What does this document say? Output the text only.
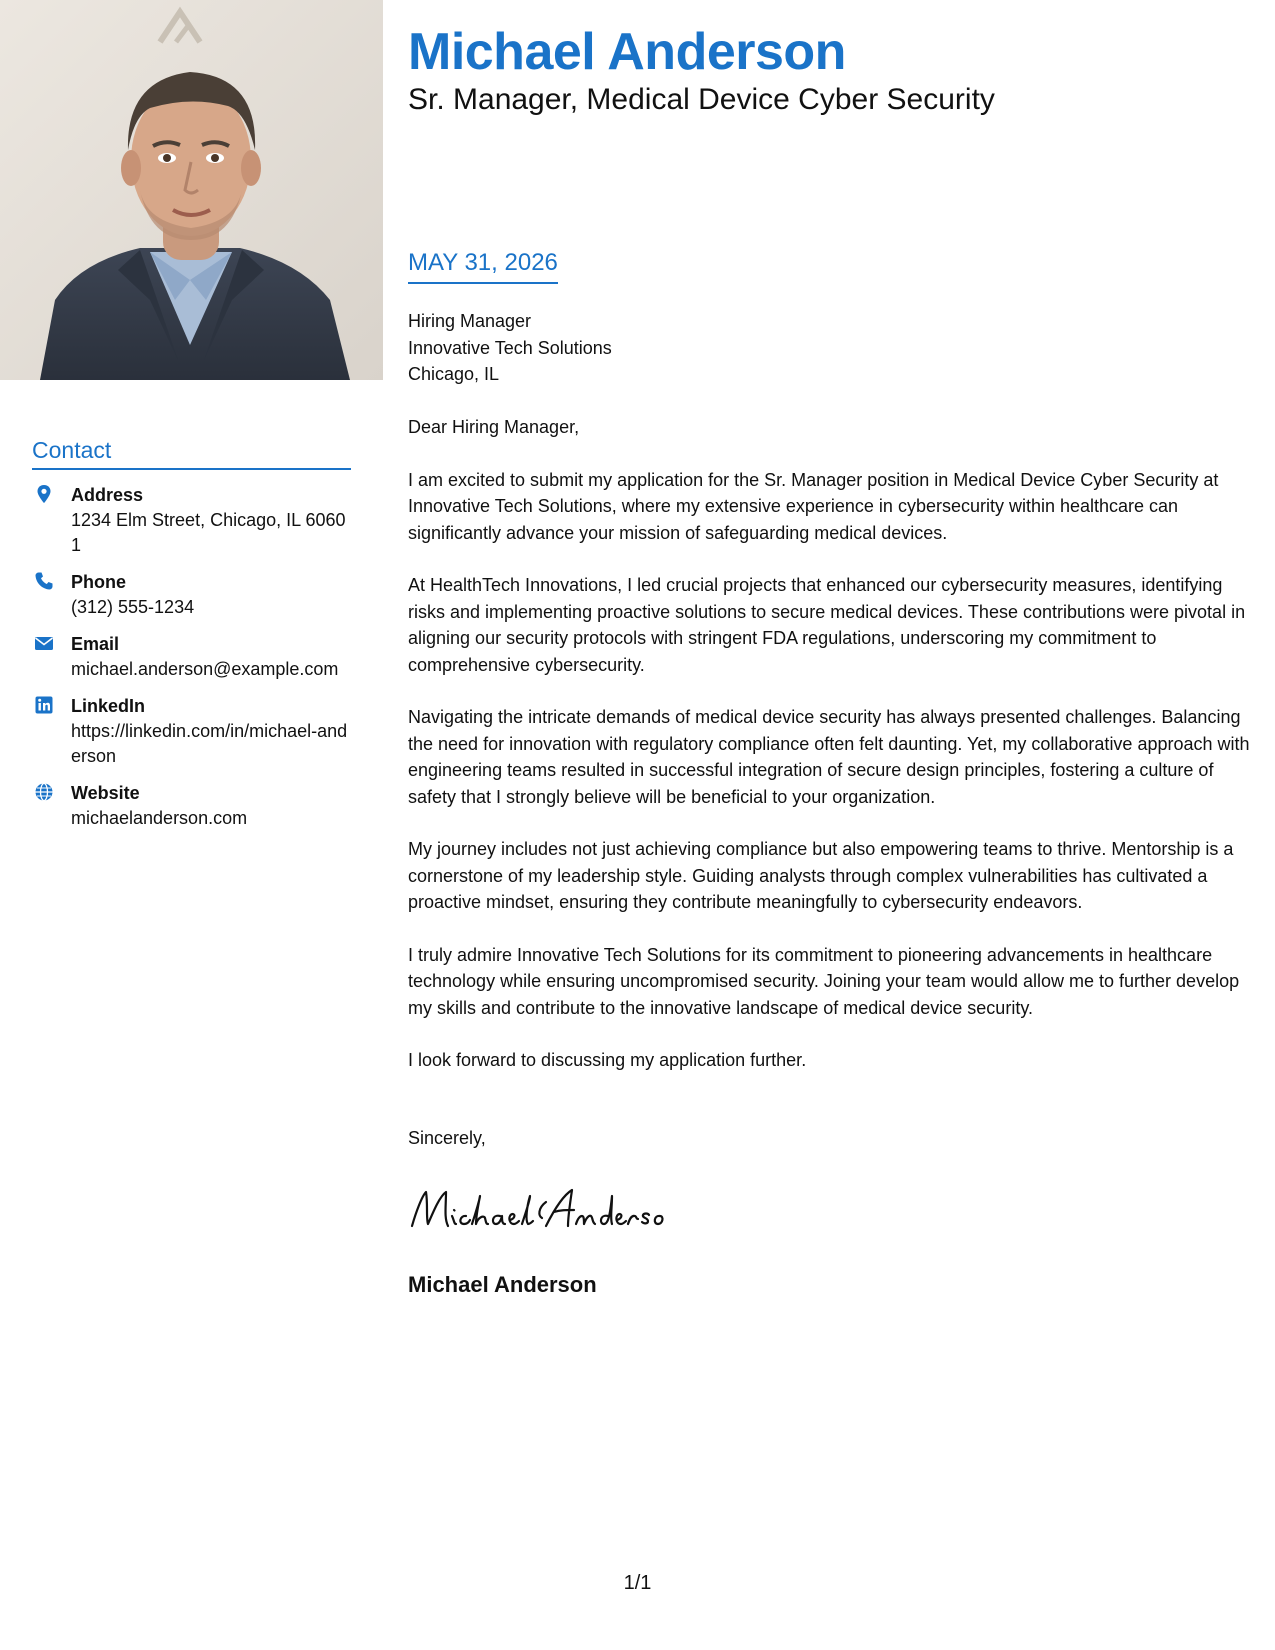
Michael Anderson
Sr. Manager, Medical Device Cyber Security
Contact
Address
1234 Elm Street, Chicago, IL 60601
Phone
(312) 555-1234
Email
michael.anderson@example.com
LinkedIn
https://linkedin.com/in/michael-anderson
Website
michaelanderson.com
MAY 31, 2026
Hiring Manager
Innovative Tech Solutions
Chicago, IL

Dear Hiring Manager,

I am excited to submit my application for the Sr. Manager position in Medical Device Cyber Security at Innovative Tech Solutions, where my extensive experience in cybersecurity within healthcare can significantly advance your mission of safeguarding medical devices.

At HealthTech Innovations, I led crucial projects that enhanced our cybersecurity measures, identifying risks and implementing proactive solutions to secure medical devices. These contributions were pivotal in aligning our security protocols with stringent FDA regulations, underscoring my commitment to comprehensive cybersecurity.

Navigating the intricate demands of medical device security has always presented challenges. Balancing the need for innovation with regulatory compliance often felt daunting. Yet, my collaborative approach with engineering teams resulted in successful integration of secure design principles, fostering a culture of safety that I strongly believe will be beneficial to your organization.

My journey includes not just achieving compliance but also empowering teams to thrive. Mentorship is a cornerstone of my leadership style. Guiding analysts through complex vulnerabilities has cultivated a proactive mindset, ensuring they contribute meaningfully to cybersecurity endeavors.

I truly admire Innovative Tech Solutions for its commitment to pioneering advancements in healthcare technology while ensuring uncompromised security. Joining your team would allow me to further develop my skills and contribute to the innovative landscape of medical device security.

I look forward to discussing my application further.

Sincerely,
Michael Anderson
1/1
